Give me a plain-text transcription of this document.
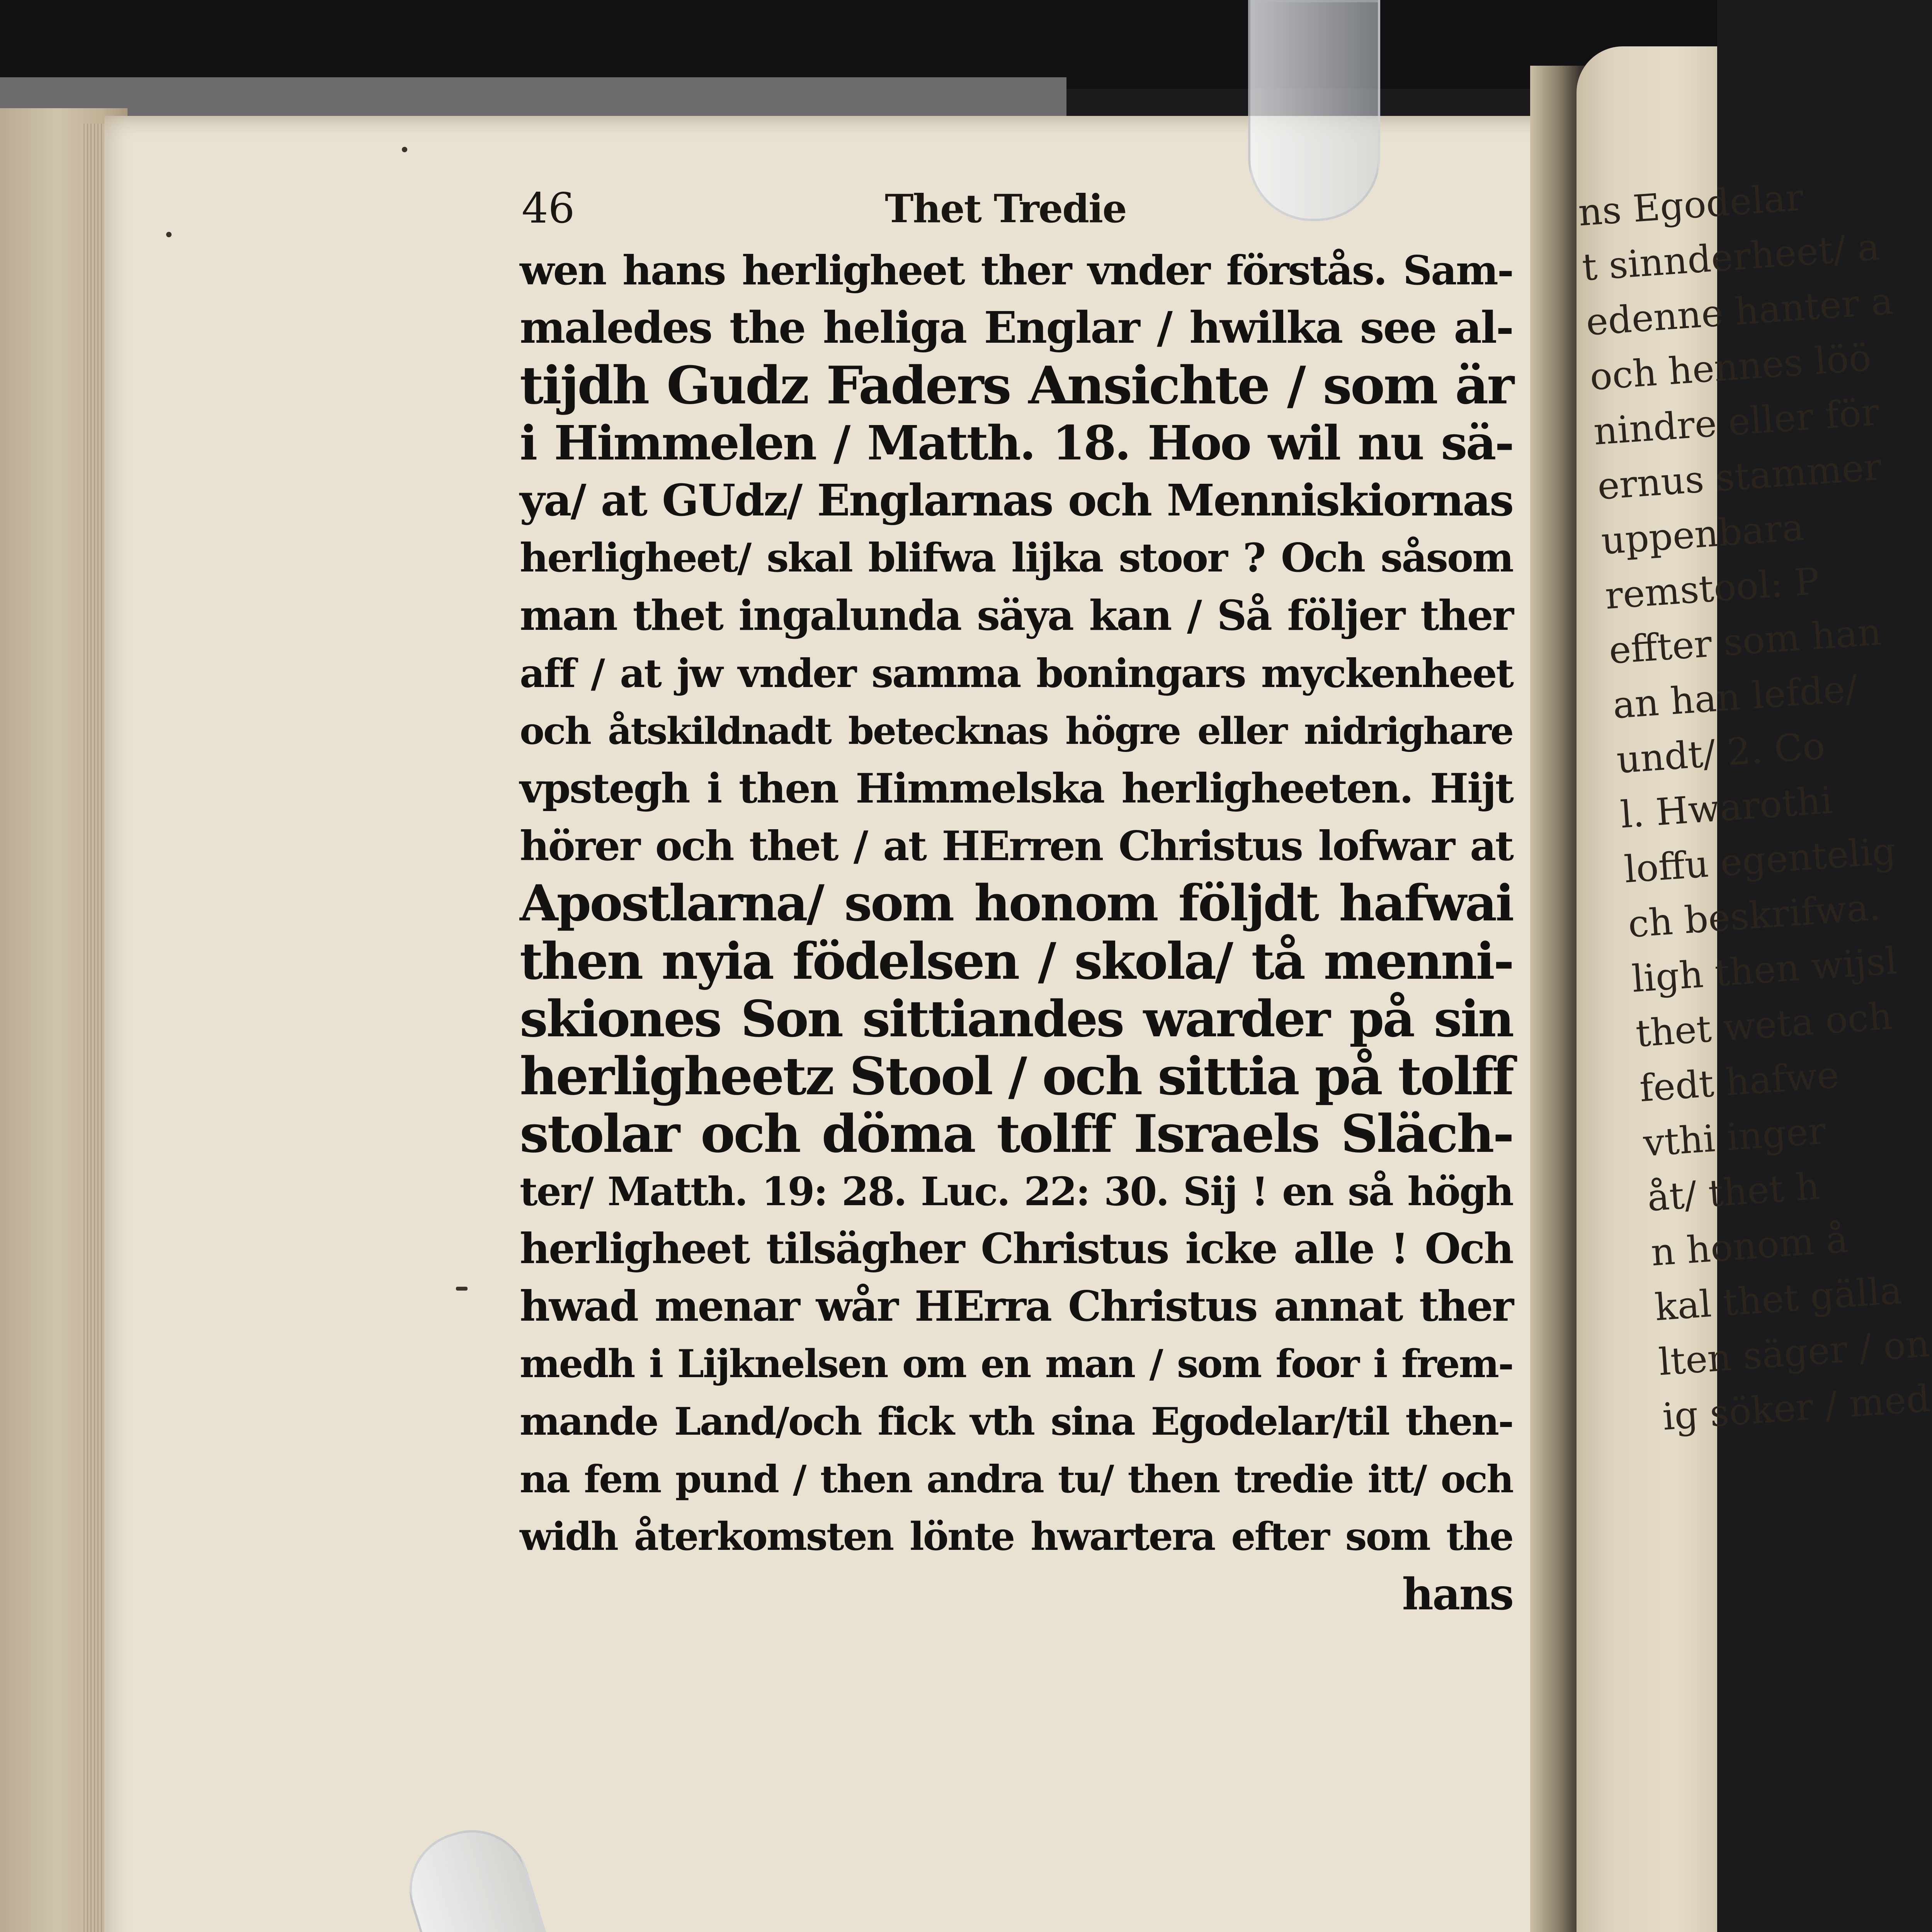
ns Egodelar
t sinnderheet/ a
edenne hanter a
och hennes löö
nindre eller för
ernus stammer
uppenbara
remstool: P
effter som han
an han lefde/
undt/ 2. Co
l. Hwarothi
loffu egentelig
ch beskrifwa.
ligh then wijsl
thet weta och
fedt hafwe
vthi inger
åt/ thet h
n honom å
kal thet gälla
lten säger / on
ig söker / med
46	Thet Tredie
wen hans herligheet ther vnder förstås. Sam-
maledes the heliga Englar / hwilka see al-
tijdh Gudz Faders Ansichte / som är
i Himmelen / Matth. 18. Hoo wil nu sä-
ya/ at GUdz/ Englarnas och Menniskiornas
herligheet/ skal blifwa lijka stoor ? Och såsom
man thet ingalunda säya kan / Så följer ther
aff / at jw vnder samma boningars myckenheet
och åtskildnadt betecknas högre eller nidrighare
vpstegh i then Himmelska herligheeten. Hijt
hörer och thet / at HErren Christus lofwar at
Apostlarna/ som honom följdt hafwai
then nyia födelsen / skola/ tå menni-
skiones Son sittiandes warder på sin
herligheetz Stool / och sittia på tolff
stolar och döma tolff Israels Släch-
ter/ Matth. 19: 28. Luc. 22: 30. Sij ! en så högh
herligheet tilsägher Christus icke alle ! Och
hwad menar wår HErra Christus annat ther
medh i Lijknelsen om en man / som foor i frem-
mande Land/och fick vth sina Egodelar/til then-
na fem pund / then andra tu/ then tredie itt/ och
widh återkomsten lönte hwartera efter som the
hans
